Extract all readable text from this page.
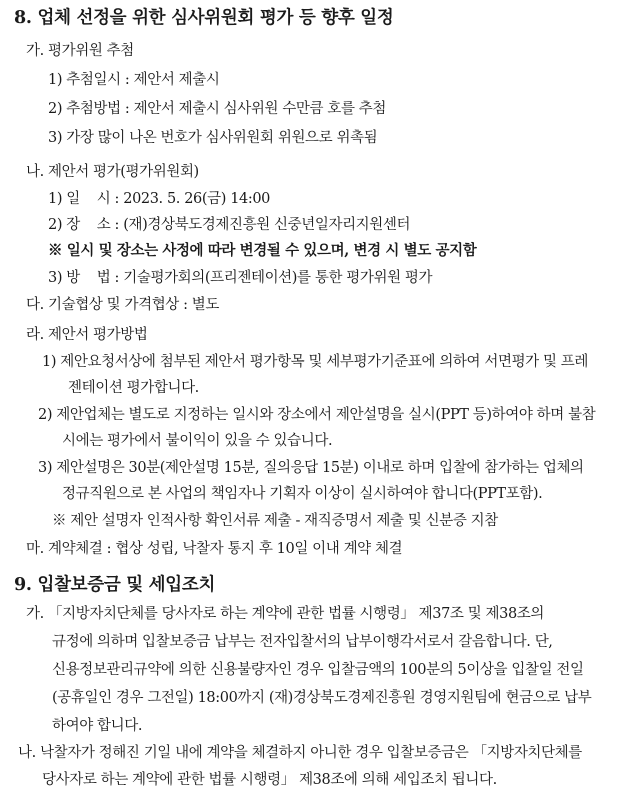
8. 업체 선정을 위한 심사위원회 평가 등 향후 일정
가. 평가위원 추첨
1) 추첨일시 : 제안서 제출시
2) 추첨방법 : 제안서 제출시 심사위원 수만큼 호를 추첨
3) 가장 많이 나온 번호가 심사위원회 위원으로 위촉됨
나. 제안서 평가(평가위원회)
1) 일    시 : 2023. 5. 26(금) 14:00
2) 장    소 : (재)경상북도경제진흥원 신중년일자리지원센터
※ 일시 및 장소는 사정에 따라 변경될 수 있으며, 변경 시 별도 공지함
3) 방    법 : 기술평가회의(프리젠테이션)를 통한 평가위원 평가
다. 기술협상 및 가격협상 : 별도
라. 제안서 평가방법
1) 제안요청서상에 첨부된 제안서 평가항목 및 세부평가기준표에 의하여 서면평가 및 프레
젠테이션 평가합니다.
2) 제안업체는 별도로 지정하는 일시와 장소에서 제안설명을 실시(PPT 등)하여야 하며 불참
시에는 평가에서 불이익이 있을 수 있습니다.
3) 제안설명은 30분(제안설명 15분, 질의응답 15분) 이내로 하며 입찰에 참가하는 업체의
정규직원으로 본 사업의 책임자나 기획자 이상이 실시하여야 합니다(PPT포함).
※ 제안 설명자 인적사항 확인서류 제출 - 재직증명서 제출 및 신분증 지참
마. 계약체결 : 협상 성립, 낙찰자 통지 후 10일 이내 계약 체결
9. 입찰보증금 및 세입조치
가. 「지방자치단체를 당사자로 하는 계약에 관한 법률 시행령」 제37조 및 제38조의
규정에 의하며 입찰보증금 납부는 전자입찰서의 납부이행각서로서 갈음합니다. 단,
신용정보관리규약에 의한 신용불량자인 경우 입찰금액의 100분의 5이상을 입찰일 전일
(공휴일인 경우 그전일) 18:00까지 (재)경상북도경제진흥원 경영지원팀에 현금으로 납부
하여야 합니다.
나. 낙찰자가 정해진 기일 내에 계약을 체결하지 아니한 경우 입찰보증금은 「지방자치단체를
당사자로 하는 계약에 관한 법률 시행령」 제38조에 의해 세입조치 됩니다.
